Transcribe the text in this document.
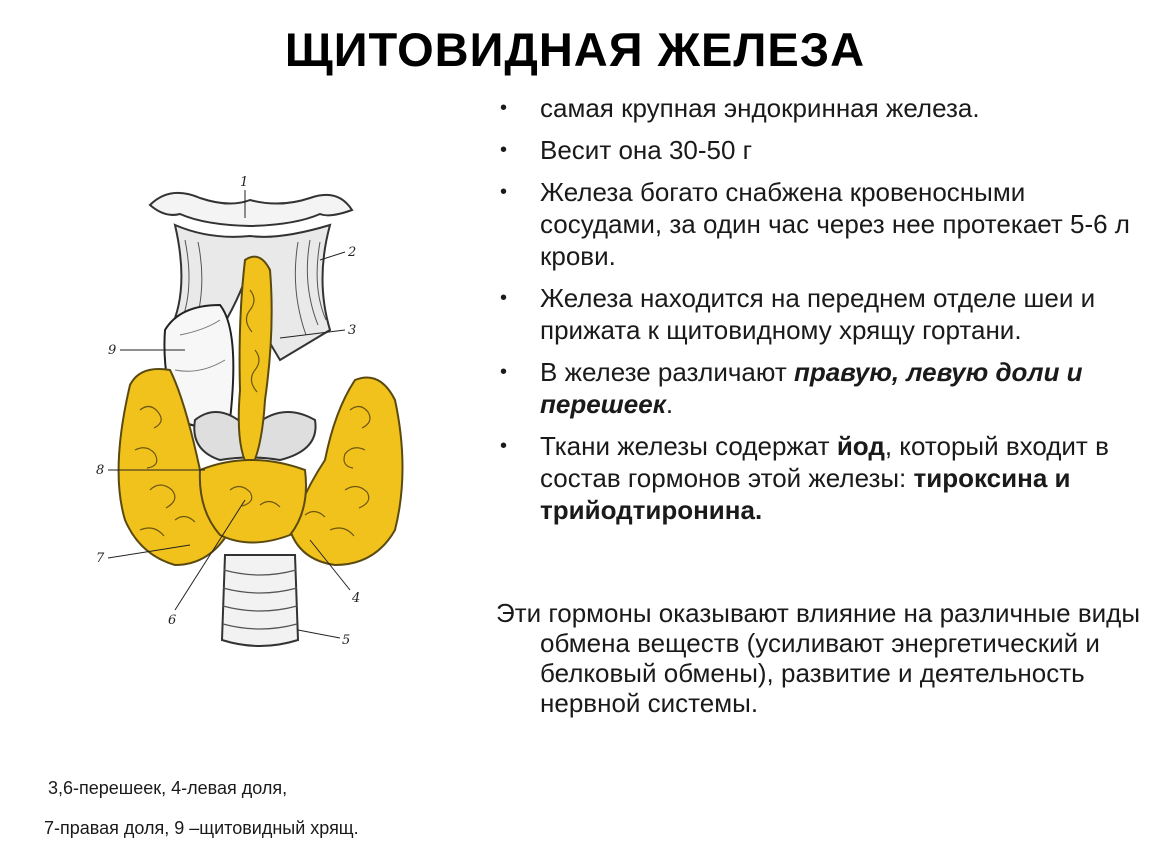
ЩИТОВИДНАЯ ЖЕЛЕЗА
1
2
3
4
5
6
7
8
9
• самая крупная эндокринная железа.
• Весит она 30-50 г
• Железа богато снабжена кровеносными сосудами, за один час через нее протекает 5-6 л крови.
• Железа находится на переднем отделе шеи и прижата к щитовидному хрящу гортани.
• В железе различают правую, левую доли и перешеек.
• Ткани железы содержат йод, который входит в состав гормонов этой железы: тироксина и трийодтиронина.
Эти гормоны оказывают влияние на различные виды обмена веществ (усиливают энергетический и белковый обмены), развитие и деятельность нервной системы.
3,6-перешеек, 4-левая доля,
7-правая доля, 9 –щитовидный хрящ.
